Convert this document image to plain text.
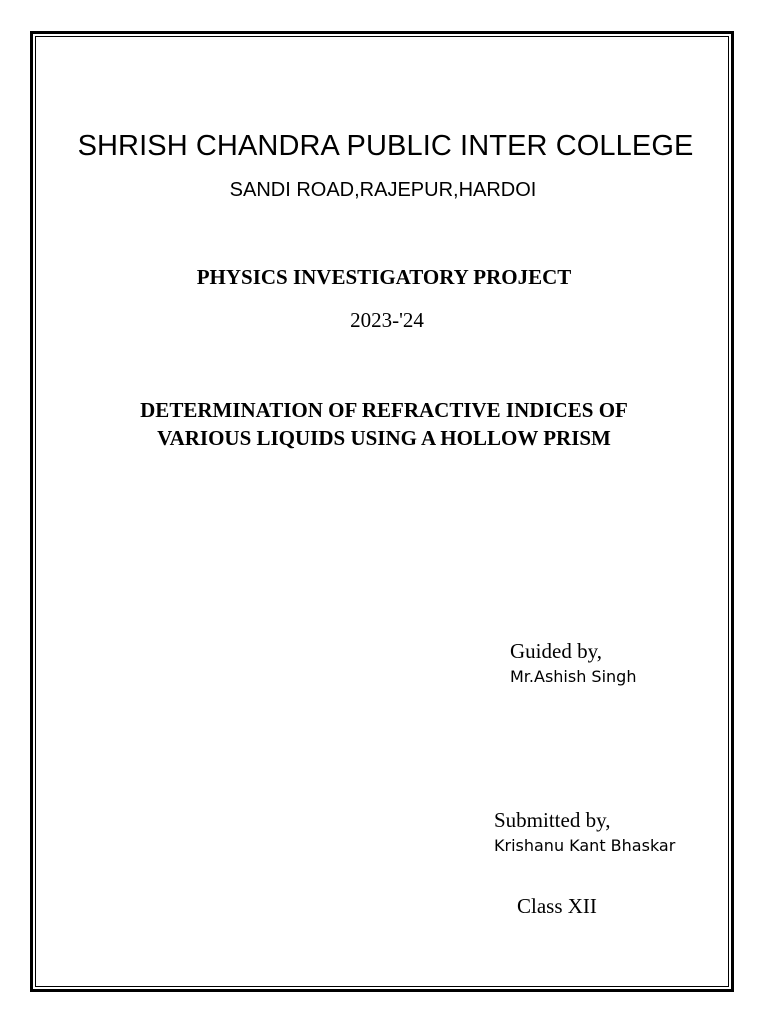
SHRISH CHANDRA PUBLIC INTER COLLEGE
SANDI ROAD,RAJEPUR,HARDOI
PHYSICS INVESTIGATORY PROJECT
2023-'24
DETERMINATION OF REFRACTIVE INDICES OF
VARIOUS LIQUIDS USING A HOLLOW PRISM
Guided by,
Mr.Ashish Singh
Submitted by,
Krishanu Kant Bhaskar
Class XII
